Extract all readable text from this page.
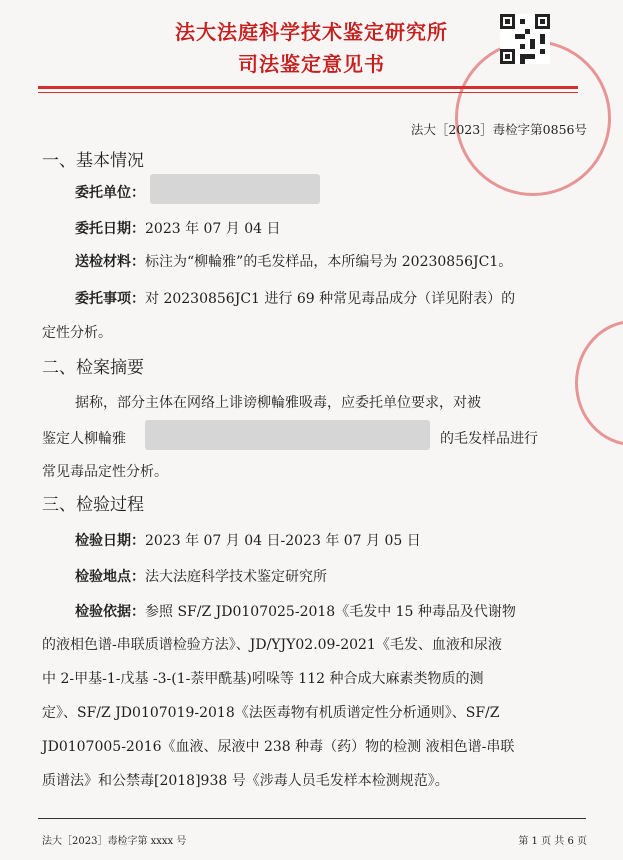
法大法庭科学技术鉴定研究所
司法鉴定意见书
法大［2023］毒检字第0856号
一、基本情况
委托单位：
委托日期：2023 年 07 月 04 日
送检材料：标注为“柳輪雅”的毛发样品，本所编号为 20230856JC1。
委托事项：对 20230856JC1 进行 69 种常见毒品成分（详见附表）的
定性分析。
二、检案摘要
据称，部分主体在网络上诽谤柳輪雅吸毒，应委托单位要求，对被
鉴定人柳輪雅	的毛发样品进行
常见毒品定性分析。
三、检验过程
检验日期：2023 年 07 月 04 日-2023 年 07 月 05 日
检验地点：法大法庭科学技术鉴定研究所
检验依据：参照 SF/Z JD0107025-2018《毛发中 15 种毒品及代谢物
的液相色谱-串联质谱检验方法》、JD/YJY02.09-2021《毛发、血液和尿液
中 2-甲基-1-戊基 -3-(1-萘甲酰基)吲哚等 112 种合成大麻素类物质的测
定》、SF/Z JD0107019-2018《法医毒物有机质谱定性分析通则》、SF/Z
JD0107005-2016《血液、尿液中 238 种毒（药）物的检测 液相色谱-串联
质谱法》和公禁毒[2018]938 号《涉毒人员毛发样本检测规范》。
法大［2023］毒检字第 xxxx 号	第 1 页 共 6 页
